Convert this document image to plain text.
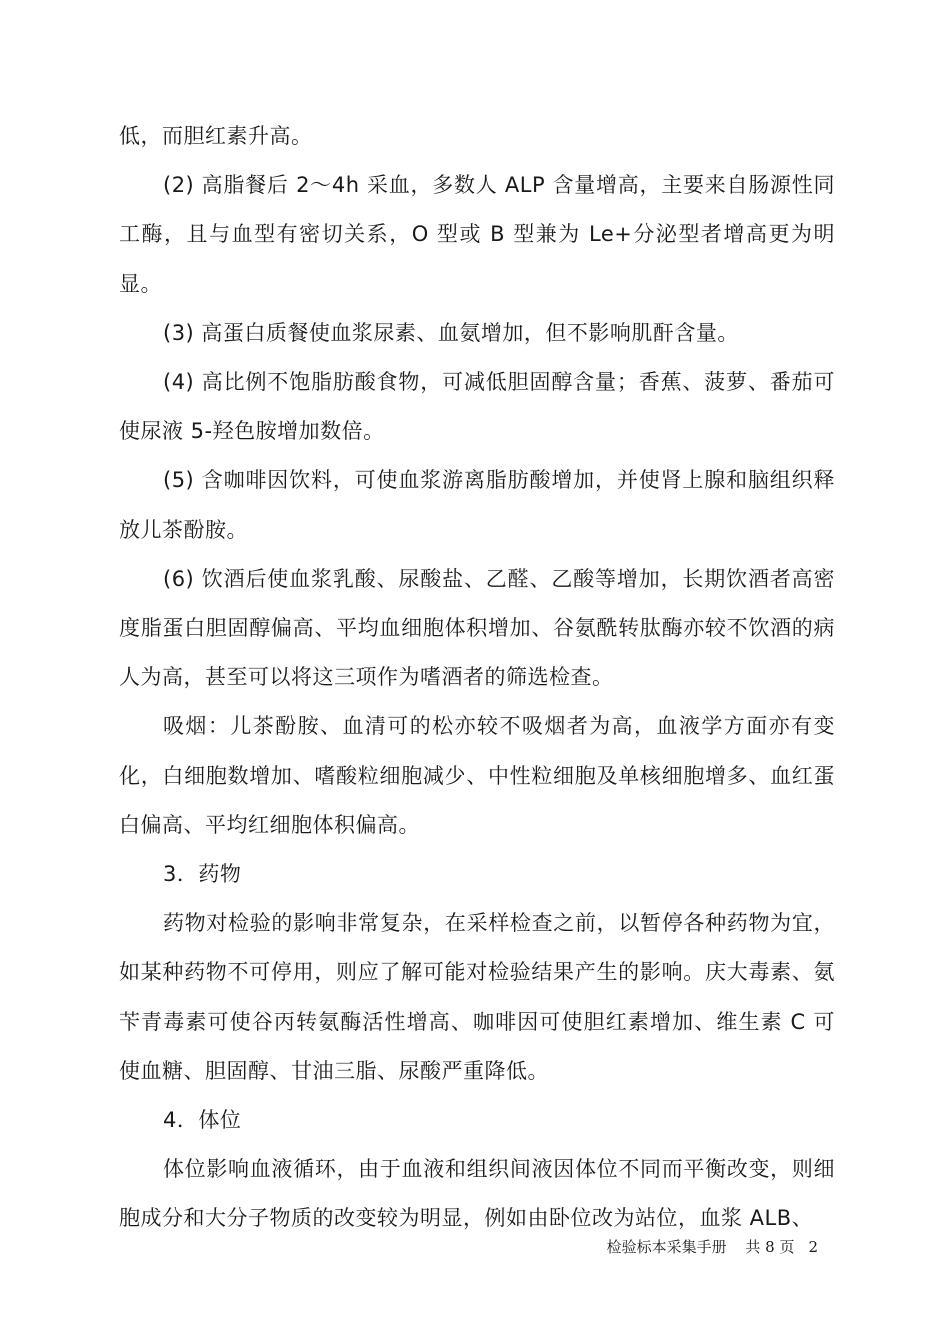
低，而胆红素升高。

(2) 高脂餐后 2～4h 采血，多数人 ALP 含量增高，主要来自肠源性同工酶，且与血型有密切关系，O 型或 B 型兼为 Le+分泌型者增高更为明显。

(3) 高蛋白质餐使血浆尿素、血氨增加，但不影响肌酐含量。

(4) 高比例不饱脂肪酸食物，可减低胆固醇含量；香蕉、菠萝、番茄可使尿液 5-羟色胺增加数倍。

(5) 含咖啡因饮料，可使血浆游离脂肪酸增加，并使肾上腺和脑组织释放儿茶酚胺。

(6) 饮酒后使血浆乳酸、尿酸盐、乙醛、乙酸等增加，长期饮酒者高密度脂蛋白胆固醇偏高、平均血细胞体积增加、谷氨酰转肽酶亦较不饮酒的病人为高，甚至可以将这三项作为嗜酒者的筛选检查。

吸烟：儿茶酚胺、血清可的松亦较不吸烟者为高，血液学方面亦有变化，白细胞数增加、嗜酸粒细胞减少、中性粒细胞及单核细胞增多、血红蛋白偏高、平均红细胞体积偏高。

3．药物

药物对检验的影响非常复杂，在采样检查之前，以暂停各种药物为宜，如某种药物不可停用，则应了解可能对检验结果产生的影响。庆大毒素、氨苄青毒素可使谷丙转氨酶活性增高、咖啡因可使胆红素增加、维生素 C 可使血糖、胆固醇、甘油三脂、尿酸严重降低。

4．体位

体位影响血液循环，由于血液和组织间液因体位不同而平衡改变，则细胞成分和大分子物质的改变较为明显，例如由卧位改为站位，血浆 ALB、

检验标本采集手册 共 8 页 2
